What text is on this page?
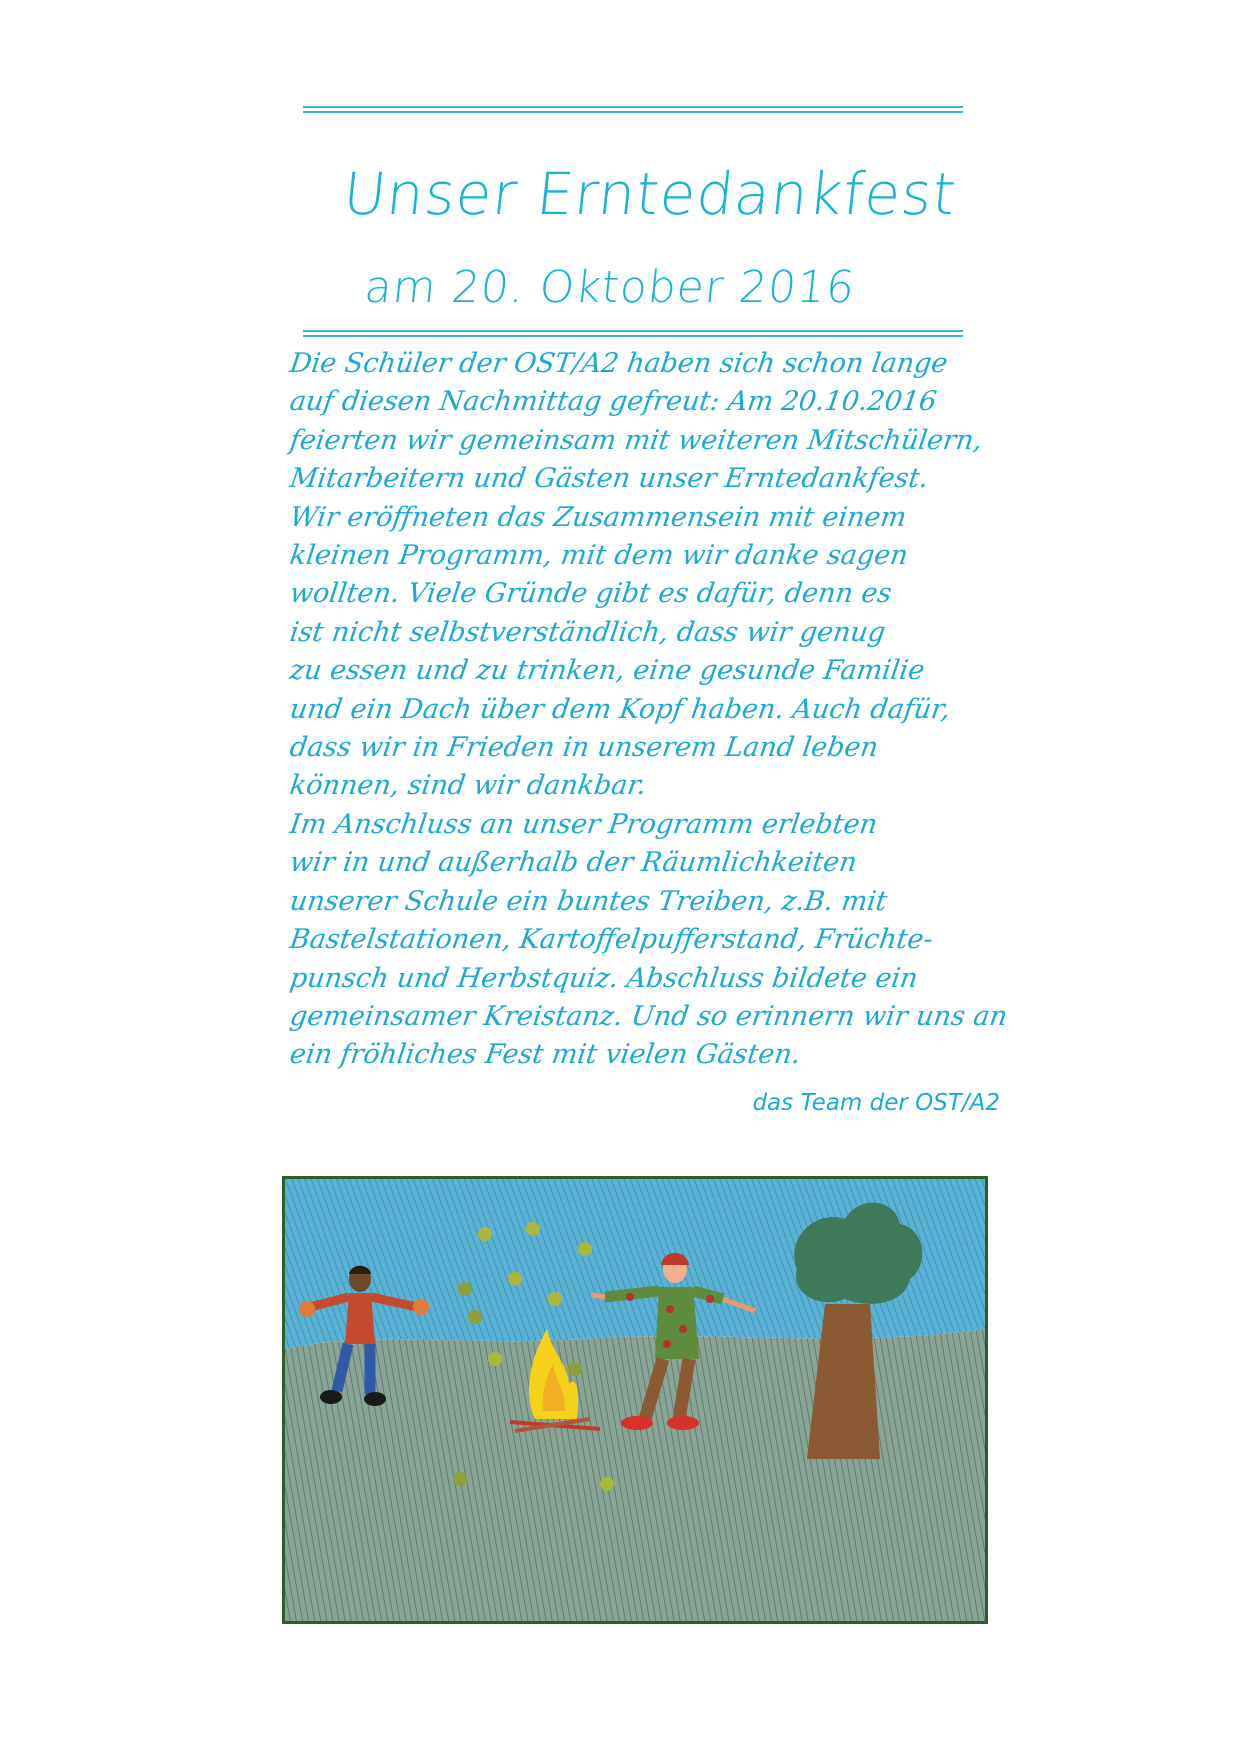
Unser Erntedankfest
am 20. Oktober 2016
Die Schüler der OST/A2 haben sich schon lange
auf diesen Nachmittag gefreut: Am 20.10.2016
feierten wir gemeinsam mit weiteren Mitschülern,
Mitarbeitern und Gästen unser Erntedankfest.
Wir eröffneten das Zusammensein mit einem
kleinen Programm, mit dem wir danke sagen
wollten. Viele Gründe gibt es dafür, denn es
ist nicht selbstverständlich, dass wir genug
zu essen und zu trinken, eine gesunde Familie
und ein Dach über dem Kopf haben. Auch dafür,
dass wir in Frieden in unserem Land leben
können, sind wir dankbar.
Im Anschluss an unser Programm erlebten
wir in und außerhalb der Räumlichkeiten
unserer Schule ein buntes Treiben, z.B. mit
Bastelstationen, Kartoffelpufferstand, Früchte-
punsch und Herbstquiz. Abschluss bildete ein
gemeinsamer Kreistanz. Und so erinnern wir uns an
ein fröhliches Fest mit vielen Gästen.
das Team der OST/A2
